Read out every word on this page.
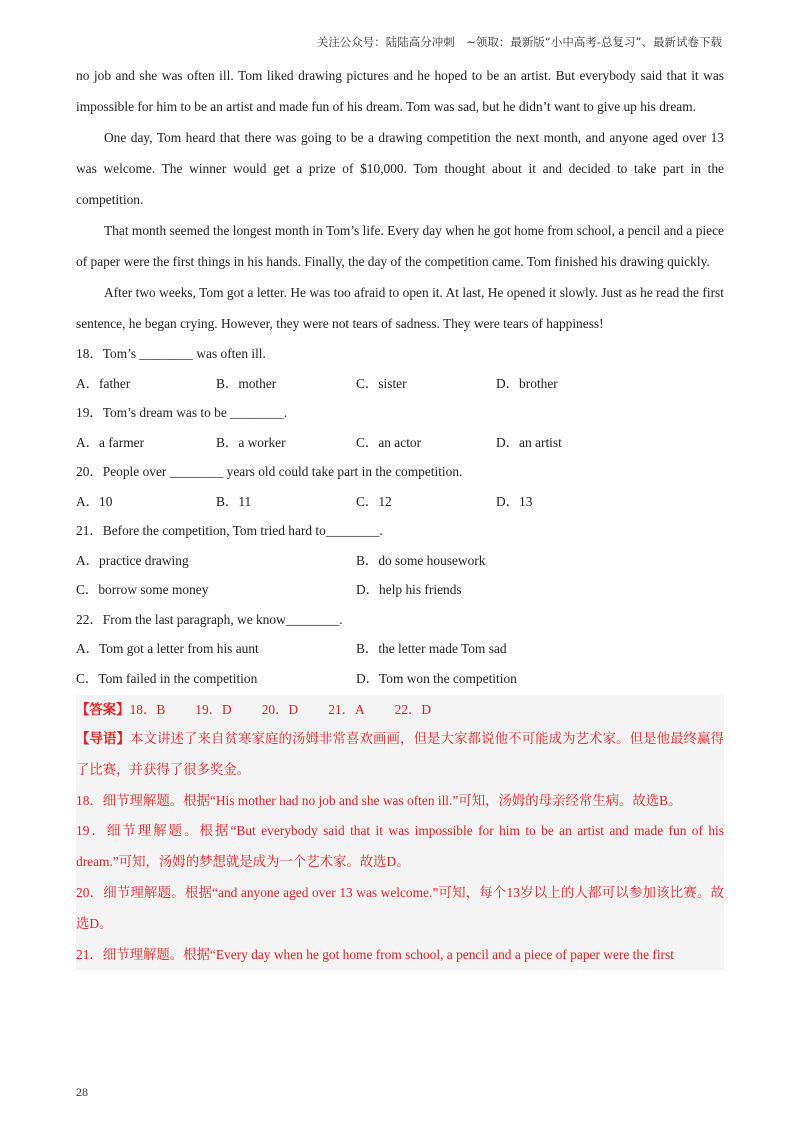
关注公众号：陆陆高分冲刺　~领取：最新版“小中高考-总复习”、最新试卷下载

no job and she was often ill. Tom liked drawing pictures and he hoped to be an artist. But everybody said that it was impossible for him to be an artist and made fun of his dream. Tom was sad, but he didn’t want to give up his dream.

One day, Tom heard that there was going to be a drawing competition the next month, and anyone aged over 13 was welcome. The winner would get a prize of $10,000. Tom thought about it and decided to take part in the competition.

That month seemed the longest month in Tom’s life. Every day when he got home from school, a pencil and a piece of paper were the first things in his hands. Finally, the day of the competition came. Tom finished his drawing quickly.

After two weeks, Tom got a letter. He was too afraid to open it. At last, He opened it slowly. Just as he read the first sentence, he began crying. However, they were not tears of sadness. They were tears of happiness!

18．Tom’s ________ was often ill.

A．father	B．mother	C．sister	D．brother

19．Tom’s dream was to be ________.

A．a farmer	B．a worker	C．an actor	D．an artist

20．People over ________ years old could take part in the competition.

A．10	B．11	C．12	D．13

21．Before the competition, Tom tried hard to________.

A．practice drawing	B．do some housework
C．borrow some money	D．help his friends

22．From the last paragraph, we know________.

A．Tom got a letter from his aunt	B．the letter made Tom sad
C．Tom failed in the competition	D．Tom won the competition
【答案】18．B 19．D 20．D 21．A 22．D

【导语】本文讲述了来自贫寒家庭的汤姆非常喜欢画画，但是大家都说他不可能成为艺术家。但是他最终赢得了比赛，并获得了很多奖金。

18．细节理解题。根据“His mother had no job and she was often ill.”可知，汤姆的母亲经常生病。故选B。

19．细节理解题。根据“But everybody said that it was impossible for him to be an artist and made fun of his dream.”可知，汤姆的梦想就是成为一个艺术家。故选D。

20．细节理解题。根据“and anyone aged over 13 was welcome.”可知，每个13岁以上的人都可以参加该比赛。故选D。

21．细节理解题。根据“Every day when he got home from school, a pencil and a piece of paper were the first

28
